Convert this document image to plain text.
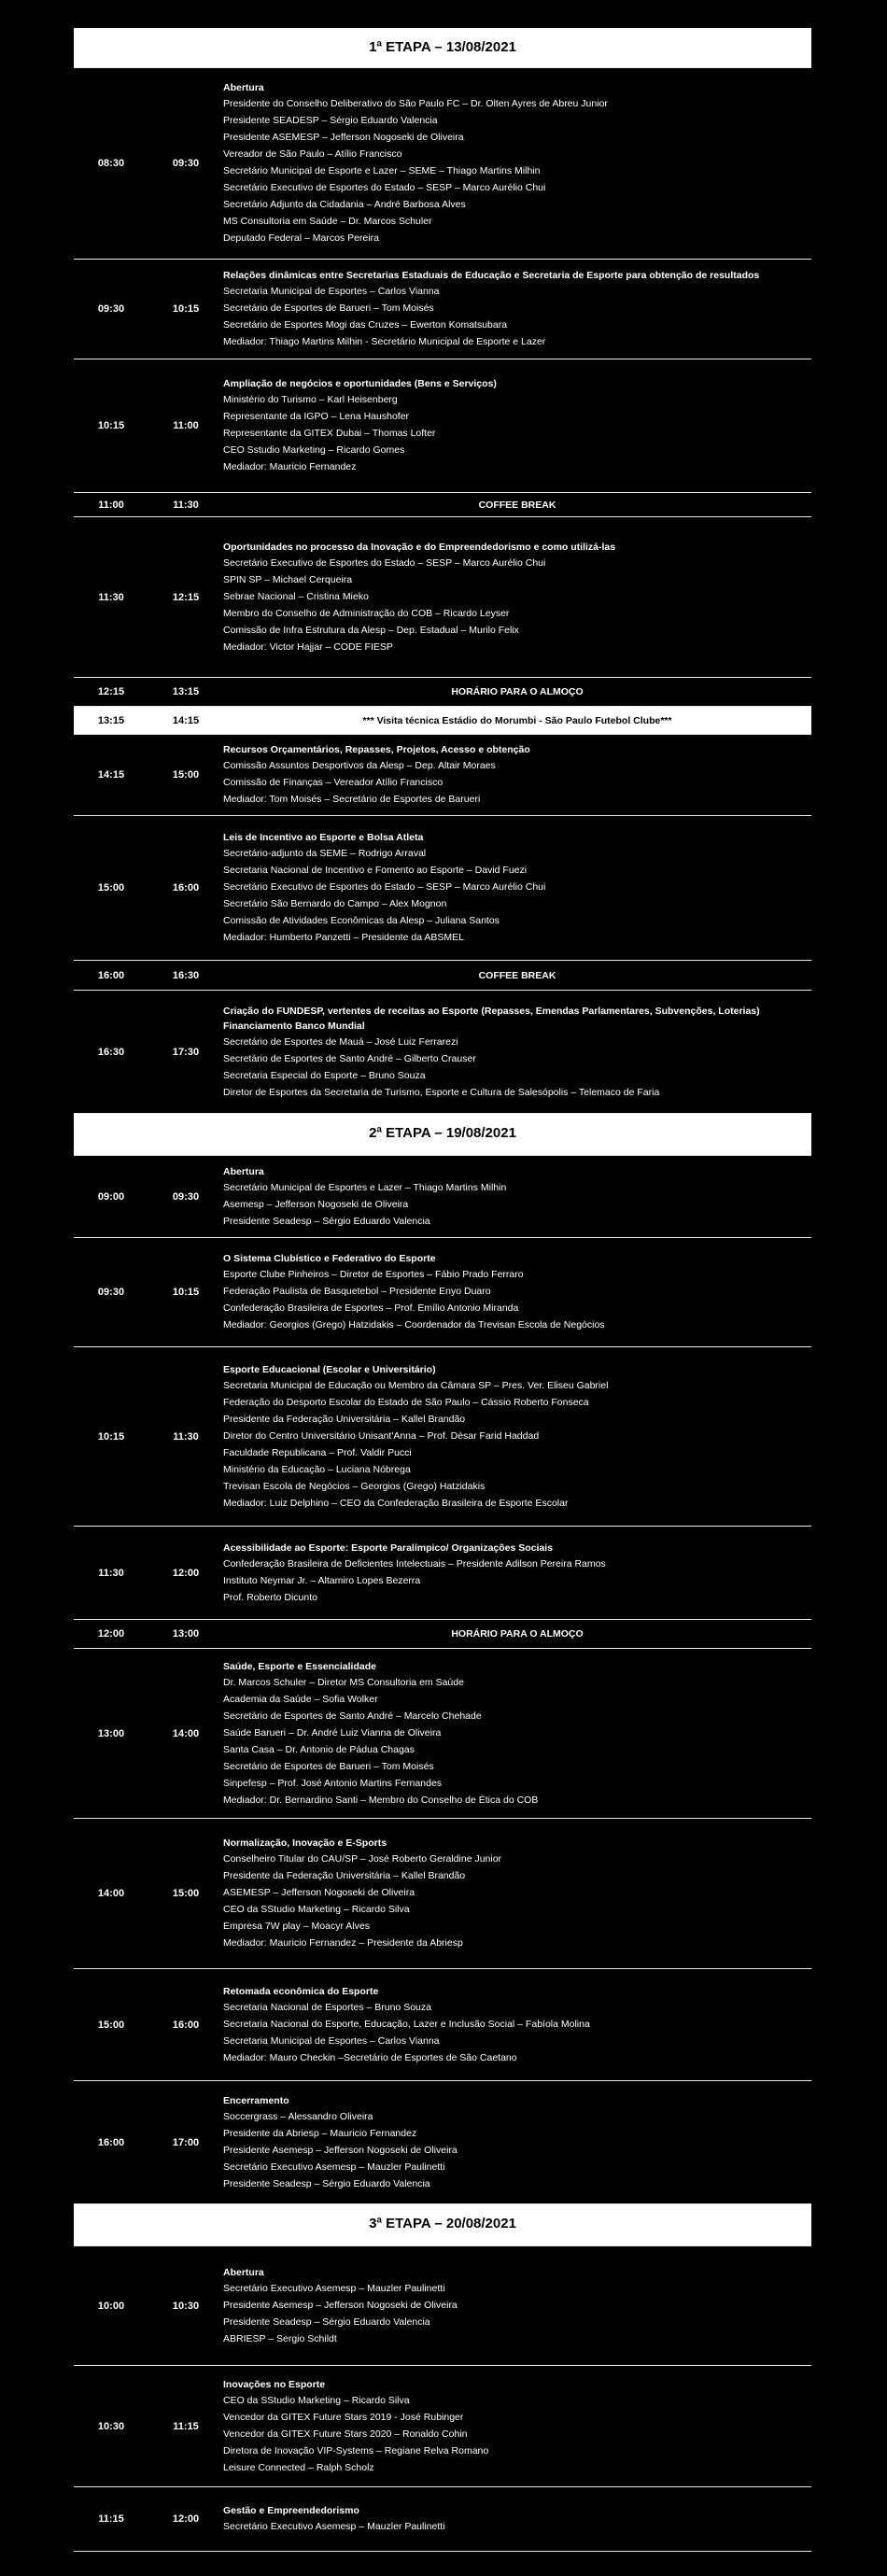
1ª ETAPA – 13/08/2021
08:30	09:30
Abertura
Presidente do Conselho Deliberativo do São Paulo FC – Dr. Olten Ayres de Abreu Junior
Presidente SEADESP – Sérgio Eduardo Valencia
Presidente ASEMESP – Jefferson Nogoseki de Oliveira
Vereador de São Paulo – Atílio Francisco
Secretário Municipal de Esporte e Lazer – SEME – Thiago Martins Milhin
Secretário Executivo de Esportes do Estado – SESP – Marco Aurélio Chui
Secretário Adjunto da Cidadania – André Barbosa Alves
MS Consultoria em Saúde – Dr. Marcos Schuler
Deputado Federal – Marcos Pereira
09:30	10:15
Relações dinâmicas entre Secretarias Estaduais de Educação e Secretaria de Esporte para obtenção de resultados
Secretaria Municipal de Esportes – Carlos Vianna
Secretário de Esportes de Barueri – Tom Moisés
Secretário de Esportes Mogi das Cruzes – Ewerton Komatsubara
Mediador: Thiago Martins Milhin - Secretário Municipal de Esporte e Lazer
10:15	11:00
Ampliação de negócios e oportunidades (Bens e Serviços)
Ministério do Turismo – Karl Heisenberg
Representante da IGPO – Lena Haushofer
Representante da GITEX Dubai – Thomas Lofter
CEO Sstudio Marketing – Ricardo Gomes
Mediador: Mauricio Fernandez
11:00	11:30	COFFEE BREAK
11:30	12:15
Oportunidades no processo da Inovação e do Empreendedorismo e como utilizá-las
Secretário Executivo de Esportes do Estado – SESP – Marco Aurélio Chui
SPIN SP – Michael Cerqueira
Sebrae Nacional – Cristina Mieko
Membro do Conselho de Administração do COB – Ricardo Leyser
Comissão de Infra Estrutura da Alesp – Dep. Estadual – Murilo Felix
Mediador: Victor Hajjar – CODE FIESP
12:15	13:15	HORÁRIO PARA O ALMOÇO
13:15	14:15	*** Visita técnica Estádio do Morumbi - São Paulo Futebol Clube***
14:15	15:00
Recursos Orçamentários, Repasses, Projetos, Acesso e obtenção
Comissão Assuntos Desportivos da Alesp – Dep. Altair Moraes
Comissão de Finanças – Vereador Atílio Francisco
Mediador: Tom Moisés – Secretário de Esportes de Barueri
15:00	16:00
Leis de Incentivo ao Esporte e Bolsa Atleta
Secretário-adjunto da SEME – Rodrigo Arraval
Secretaria Nacional de Incentivo e Fomento ao Esporte – David Fuezi
Secretário Executivo de Esportes do Estado – SESP – Marco Aurélio Chui
Secretário São Bernardo do Campo – Alex Mognon
Comissão de Atividades Econômicas da Alesp – Juliana Santos
Mediador: Humberto Panzetti – Presidente da ABSMEL
16:00	16:30	COFFEE BREAK
16:30	17:30
Criação do FUNDESP, vertentes de receitas ao Esporte (Repasses, Emendas Parlamentares, Subvenções, Loterias) Financiamento Banco Mundial
Secretário de Esportes de Mauá – José Luiz Ferrarezi
Secretário de Esportes de Santo André – Gilberto Crauser
Secretaria Especial do Esporte – Bruno Souza
Diretor de Esportes da Secretaria de Turismo, Esporte e Cultura de Salesópolis – Telemaco de Faria
2ª ETAPA – 19/08/2021
09:00	09:30
Abertura
Secretário Municipal de Esportes e Lazer – Thiago Martins Milhin
Asemesp – Jefferson Nogoseki de Oliveira
Presidente Seadesp – Sérgio Eduardo Valencia
09:30	10:15
O Sistema Clubístico e Federativo do Esporte
Esporte Clube Pinheiros – Diretor de Esportes – Fábio Prado Ferraro
Federação Paulista de Basquetebol – Presidente Enyo Duaro
Confederação Brasileira de Esportes – Prof. Emílio Antonio Miranda
Mediador: Georgios (Grego) Hatzidakis – Coordenador da Trevisan Escola de Negócios
10:15	11:30
Esporte Educacional (Escolar e Universitário)
Secretaria Municipal de Educação ou Membro da Câmara SP – Pres. Ver. Eliseu Gabriel
Federação do Desporto Escolar do Estado de São Paulo – Cássio Roberto Fonseca
Presidente da Federação Universitária – Kallel Brandão
Diretor do Centro Universitário Unisant'Anna – Prof. Dèsar Farid Haddad
Faculdade Republicana – Prof. Valdir Pucci
Ministério da Educação – Luciana Nóbrega
Trevisan Escola de Negócios – Georgios (Grego) Hatzidakis
Mediador: Luiz Delphino – CEO da Confederação Brasileira de Esporte Escolar
11:30	12:00
Acessibilidade ao Esporte: Esporte Paralímpico/ Organizações Sociais
Confederação Brasileira de Deficientes Intelectuais – Presidente Adilson Pereira Ramos
Instituto Neymar Jr. – Altamiro Lopes Bezerra
Prof. Roberto Dicunto
12:00	13:00	HORÁRIO PARA O ALMOÇO
13:00	14:00
Saúde, Esporte e Essencialidade
Dr. Marcos Schuler – Diretor MS Consultoria em Saúde
Academia da Saúde – Sofia Wolker
Secretário de Esportes de Santo André – Marcelo Chehade
Saúde Barueri – Dr. André Luiz Vianna de Oliveira
Santa Casa – Dr. Antonio de Pádua Chagas
Secretário de Esportes de Barueri – Tom Moisés
Sinpefesp – Prof. José Antonio Martins Fernandes
Mediador: Dr. Bernardino Santi – Membro do Conselho de Ética do COB
14:00	15:00
Normalização, Inovação e E-Sports
Conselheiro Titular do CAU/SP – José Roberto Geraldine Junior
Presidente da Federação Universitária – Kallel Brandão
ASEMESP – Jefferson Nogoseki de Oliveira
CEO da SStudio Marketing – Ricardo Silva
Empresa 7W play – Moacyr Alves
Mediador: Mauricio Fernandez – Presidente da Abriesp
15:00	16:00
Retomada econômica do Esporte
Secretaria Nacional de Esportes – Bruno Souza
Secretaria Nacional do Esporte, Educação, Lazer e Inclusão Social – Fabíola Molina
Secretaria Municipal de Esportes – Carlos Vianna
Mediador: Mauro Checkin –Secretário de Esportes de São Caetano
16:00	17:00
Encerramento
Soccergrass – Alessandro Oliveira
Presidente da Abriesp – Mauricio Fernandez
Presidente Asemesp – Jefferson Nogoseki de Oliveira
Secretário Executivo Asemesp – Mauzler Paulinetti
Presidente Seadesp – Sérgio Eduardo Valencia
3ª ETAPA – 20/08/2021
10:00	10:30
Abertura
Secretário Executivo Asemesp – Mauzler Paulinetti
Presidente Asemesp – Jefferson Nogoseki de Oliveira
Presidente Seadesp – Sérgio Eduardo Valencia
ABRIESP – Sergio Schildt
10:30	11:15
Inovações no Esporte
CEO da SStudio Marketing – Ricardo Silva
Vencedor da GITEX Future Stars 2019 - José Rubinger
Vencedor da GITEX Future Stars 2020 – Ronaldo Cohin
Diretora de Inovação VIP-Systems – Regiane Relva Romano
Leisure Connected – Ralph Scholz
11:15	12:00
Gestão e Empreendedorismo
Secretário Executivo Asemesp – Mauzler Paulinetti
